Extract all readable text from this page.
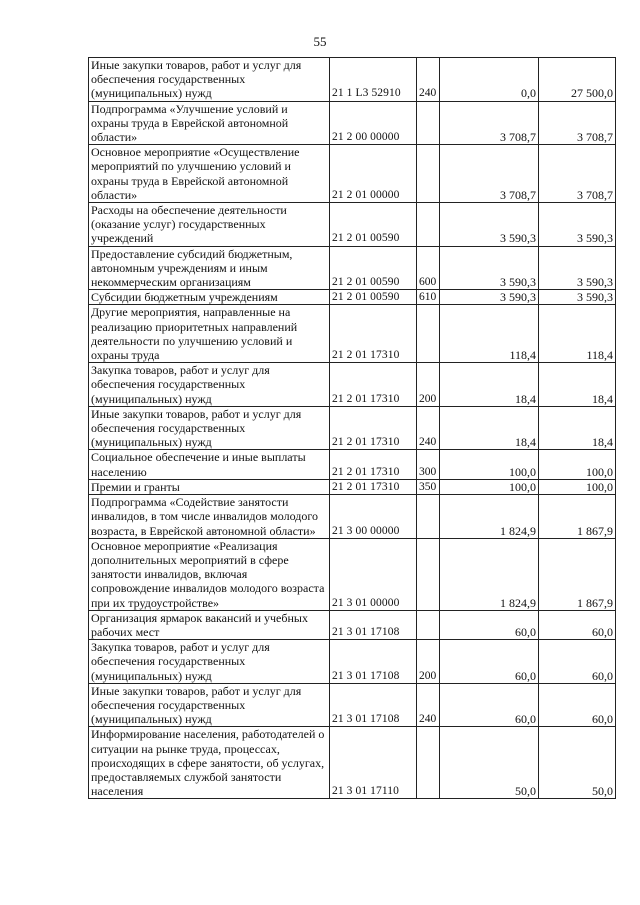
55
Иные закупки товаров, работ и услуг для обеспечения государственных (муниципальных) нужд	21 1 L3 52910	240	0,0	27 500,0
Подпрограмма «Улучшение условий и охраны труда в Еврейской автономной области»	21 2 00 00000		3 708,7	3 708,7
Основное мероприятие «Осуществление мероприятий по улучшению условий и охраны труда в Еврейской автономной области»	21 2 01 00000		3 708,7	3 708,7
Расходы на обеспечение деятельности (оказание услуг) государственных учреждений	21 2 01 00590		3 590,3	3 590,3
Предоставление субсидий бюджетным, автономным учреждениям и иным некоммерческим организациям	21 2 01 00590	600	3 590,3	3 590,3
Субсидии бюджетным учреждениям	21 2 01 00590	610	3 590,3	3 590,3
Другие мероприятия, направленные на реализацию приоритетных направлений деятельности по улучшению условий и охраны труда	21 2 01 17310		118,4	118,4
Закупка товаров, работ и услуг для обеспечения государственных (муниципальных) нужд	21 2 01 17310	200	18,4	18,4
Иные закупки товаров, работ и услуг для обеспечения государственных (муниципальных) нужд	21 2 01 17310	240	18,4	18,4
Социальное обеспечение и иные выплаты населению	21 2 01 17310	300	100,0	100,0
Премии и гранты	21 2 01 17310	350	100,0	100,0
Подпрограмма «Содействие занятости инвалидов, в том числе инвалидов молодого возраста, в Еврейской автономной области»	21 3 00 00000		1 824,9	1 867,9
Основное мероприятие «Реализация дополнительных мероприятий в сфере занятости инвалидов, включая сопровождение инвалидов молодого возраста при их трудоустройстве»	21 3 01 00000		1 824,9	1 867,9
Организация ярмарок вакансий и учебных рабочих мест	21 3 01 17108		60,0	60,0
Закупка товаров, работ и услуг для обеспечения государственных (муниципальных) нужд	21 3 01 17108	200	60,0	60,0
Иные закупки товаров, работ и услуг для обеспечения государственных (муниципальных) нужд	21 3 01 17108	240	60,0	60,0
Информирование населения, работодателей о ситуации на рынке труда, процессах, происходящих в сфере занятости, об услугах, предоставляемых службой занятости населения	21 3 01 17110		50,0	50,0
